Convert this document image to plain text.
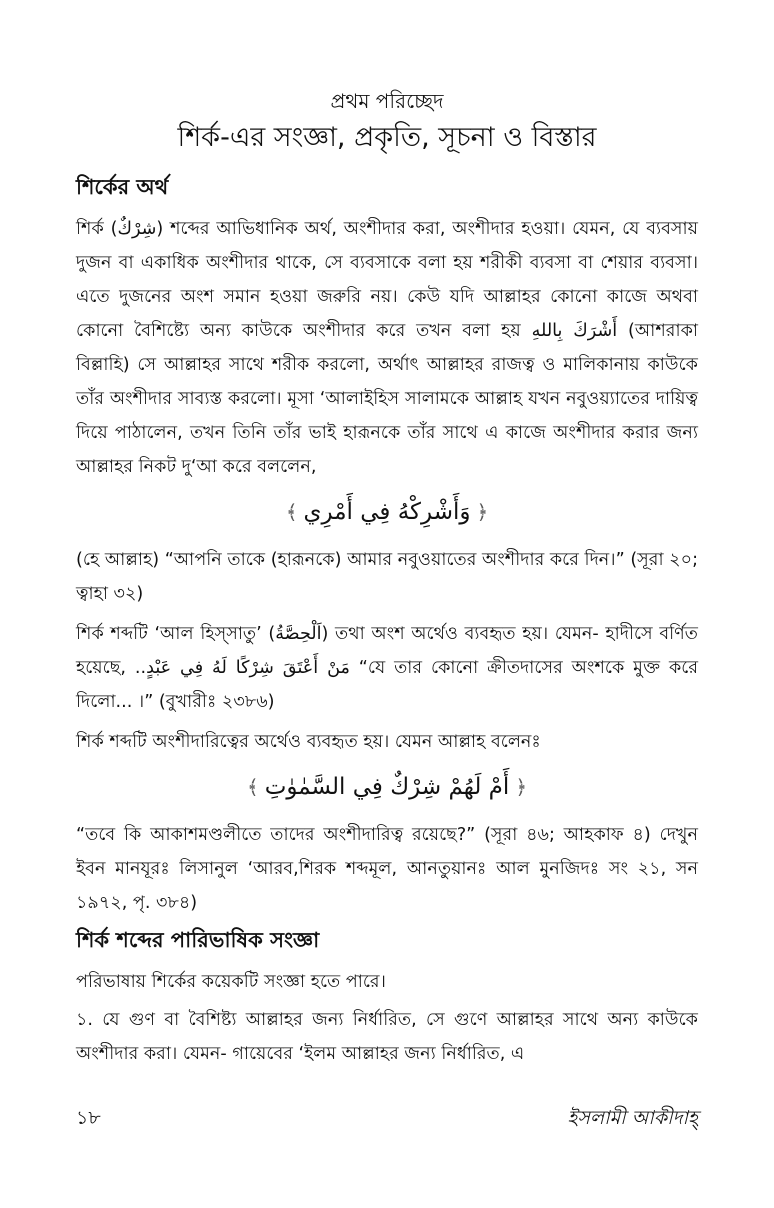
প্রথম পরিচ্ছেদ
শির্ক-এর সংজ্ঞা, প্রকৃতি, সূচনা ও বিস্তার
শির্কের অর্থ

শির্ক (شِرْكٌ) শব্দের আভিধানিক অর্থ, অংশীদার করা, অংশীদার হওয়া। যেমন, যে ব্যবসায় দুজন বা একাধিক অংশীদার থাকে, সে ব্যবসাকে বলা হয় শরীকী ব্যবসা বা শেয়ার ব্যবসা। এতে দুজনের অংশ সমান হওয়া জরুরি নয়। কেউ যদি আল্লাহর কোনো কাজে অথবা কোনো বৈশিষ্ট্যে অন্য কাউকে অংশীদার করে তখন বলা হয় أَشْرَكَ بِاللهِ (আশরাকা বিল্লাহি) সে আল্লাহর সাথে শরীক করলো, অর্থাৎ আল্লাহর রাজত্ব ও মালিকানায় কাউকে তাঁর অংশীদার সাব্যস্ত করলো। মূসা ‘আলাইহিস সালামকে আল্লাহ যখন নবুওয়্যাতের দায়িত্ব দিয়ে পাঠালেন, তখন তিনি তাঁর ভাই হারূনকে তাঁর সাথে এ কাজে অংশীদার করার জন্য আল্লাহর নিকট দু‘আ করে বললেন,

﴿وَأَشْرِكْهُ فِي أَمْرِي﴾

(হে আল্লাহ) “আপনি তাকে (হারূনকে) আমার নবুওয়াতের অংশীদার করে দিন।” (সূরা ২০; ত্বাহা ৩২)

শির্ক শব্দটি ‘আল হিস্সাতু’ (اَلْحِصَّةُ) তথা অংশ অর্থেও ব্যবহৃত হয়। যেমন- হাদীসে বর্ণিত হয়েছে, مَنْ أَعْتَقَ شِرْكًا لَهُ فِي عَبْدٍ.. “যে তার কোনো ক্রীতদাসের অংশকে মুক্ত করে দিলো... ।” (বুখারীঃ ২৩৮৬)

শির্ক শব্দটি অংশীদারিত্বের অর্থেও ব্যবহৃত হয়। যেমন আল্লাহ বলেনঃ

﴿أَمْ لَهُمْ شِرْكٌ فِي السَّمٰوٰتِ﴾

“তবে কি আকাশমণ্ডলীতে তাদের অংশীদারিত্ব রয়েছে?” (সূরা ৪৬; আহকাফ ৪) দেখুন ইবন মানযূরঃ লিসানুল ‘আরব,শিরক শব্দমূল, আনতুয়ানঃ আল মুনজিদঃ সং ২১, সন ১৯৭২, পৃ. ৩৮৪)

শির্ক শব্দের পারিভাষিক সংজ্ঞা

পরিভাষায় শির্কের কয়েকটি সংজ্ঞা হতে পারে।

১. যে গুণ বা বৈশিষ্ট্য আল্লাহর জন্য নির্ধারিত, সে গুণে আল্লাহর সাথে অন্য কাউকে অংশীদার করা। যেমন- গায়েবের ‘ইলম আল্লাহর জন্য নির্ধারিত, এ

১৮	ইসলামী আকীদাহ্
